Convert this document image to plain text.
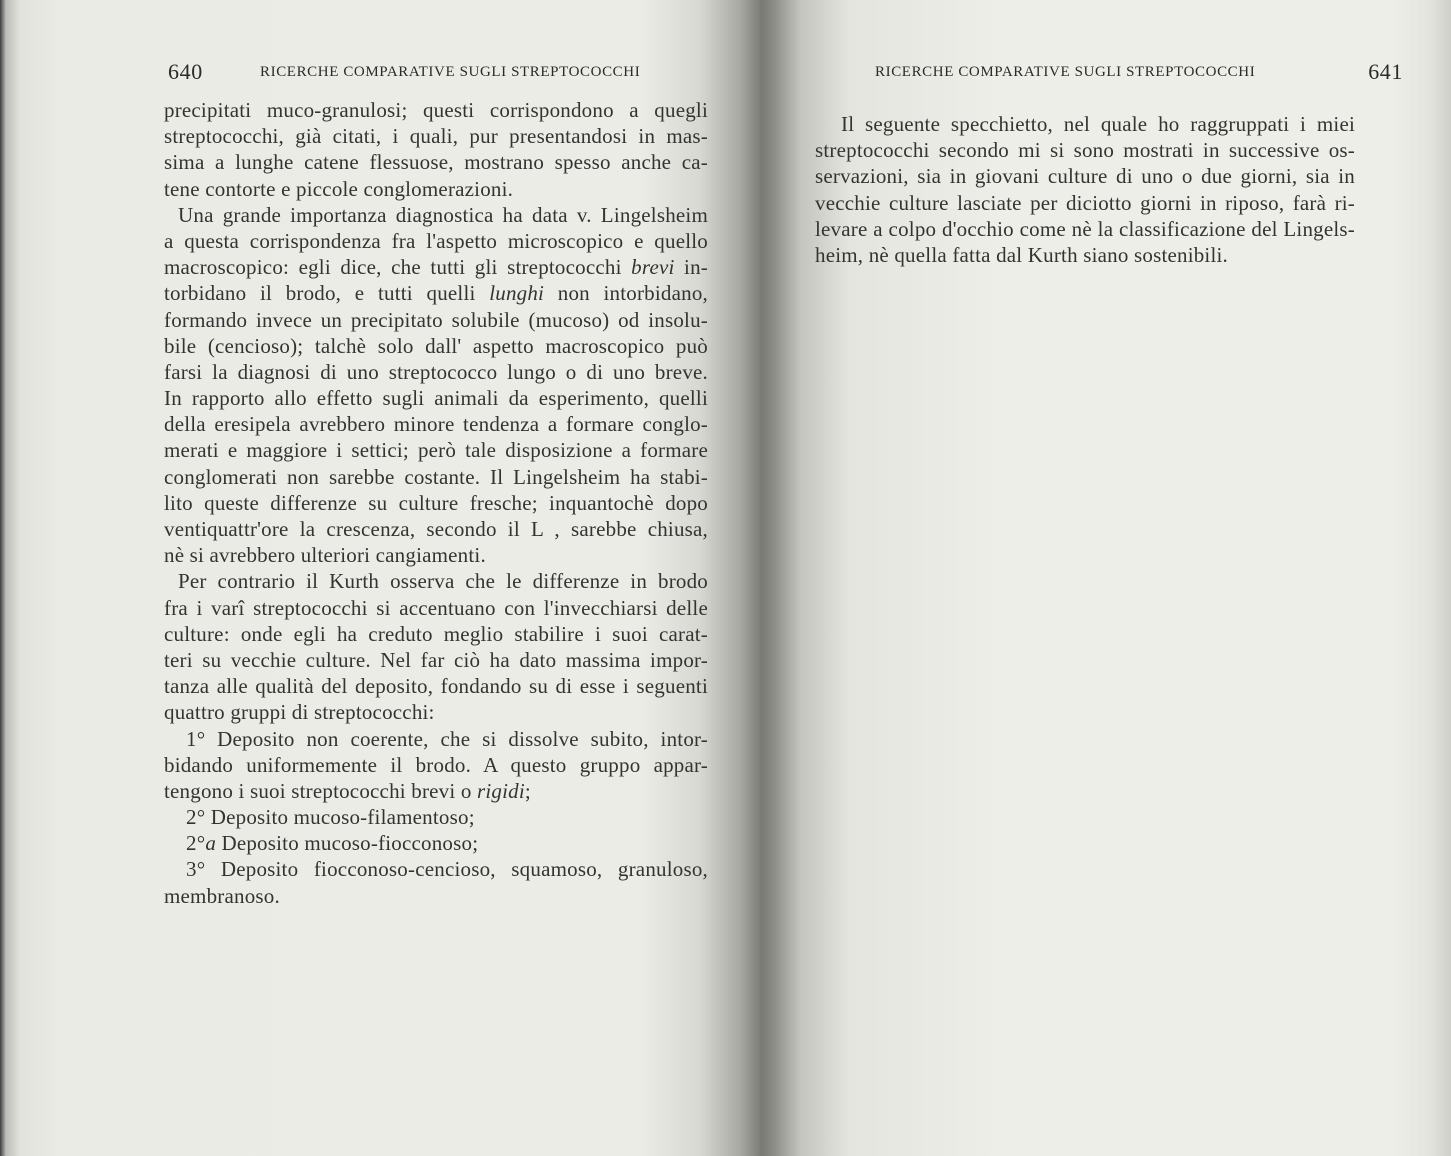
640	RICERCHE COMPARATIVE SUGLI STREPTOCOCCHI
precipitati muco-granulosi; questi corrispondono a quegli
streptococchi, già citati, i quali, pur presentandosi in mas-
sima a lunghe catene flessuose, mostrano spesso anche ca-
tene contorte e piccole conglomerazioni.
Una grande importanza diagnostica ha data v. Lingelsheim
a questa corrispondenza fra l'aspetto microscopico e quello
macroscopico: egli dice, che tutti gli streptococchi brevi in-
torbidano il brodo, e tutti quelli lunghi non intorbidano,
formando invece un precipitato solubile (mucoso) od insolu-
bile (cencioso); talchè solo dall' aspetto macroscopico può
farsi la diagnosi di uno streptococco lungo o di uno breve.
In rapporto allo effetto sugli animali da esperimento, quelli
della eresipela avrebbero minore tendenza a formare conglo-
merati e maggiore i settici; però tale disposizione a formare
conglomerati non sarebbe costante. Il Lingelsheim ha stabi-
lito queste differenze su culture fresche; inquantochè dopo
ventiquattr'ore la crescenza, secondo il L , sarebbe chiusa,
nè si avrebbero ulteriori cangiamenti.
Per contrario il Kurth osserva che le differenze in brodo
fra i varî streptococchi si accentuano con l'invecchiarsi delle
culture: onde egli ha creduto meglio stabilire i suoi carat-
teri su vecchie culture. Nel far ciò ha dato massima impor-
tanza alle qualità del deposito, fondando su di esse i seguenti
quattro gruppi di streptococchi:
1° Deposito non coerente, che si dissolve subito, intor-
bidando uniformemente il brodo. A questo gruppo appar-
tengono i suoi streptococchi brevi o rigidi;
2° Deposito mucoso-filamentoso;
2°a Deposito mucoso-fiocconoso;
3° Deposito fiocconoso-cencioso, squamoso, granuloso,
membranoso.
RICERCHE COMPARATIVE SUGLI STREPTOCOCCHI	641
Il seguente specchietto, nel quale ho raggruppati i miei
streptococchi secondo mi si sono mostrati in successive os-
servazioni, sia in giovani culture di uno o due giorni, sia in
vecchie culture lasciate per diciotto giorni in riposo, farà ri-
levare a colpo d'occhio come nè la classificazione del Lingels-
heim, nè quella fatta dal Kurth siano sostenibili.
